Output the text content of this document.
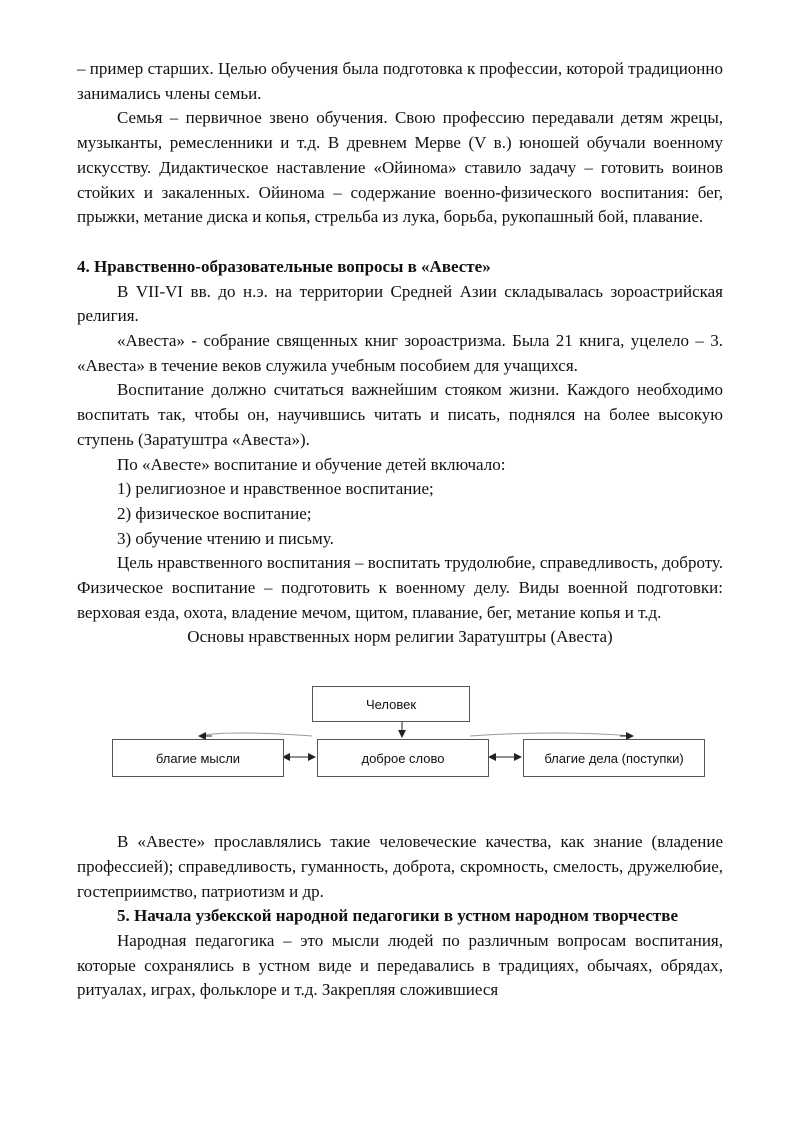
– пример старших. Целью обучения была подготовка к профессии, которой традиционно занимались члены семьи.

Семья – первичное звено обучения. Свою профессию передавали детям жрецы, музыканты, ремесленники и т.д. В древнем Мерве (V в.) юношей обучали военному искусству. Дидактическое наставление «Ойинома» ставило задачу – готовить воинов стойких и закаленных. Ойинома – содержание военно-физического воспитания: бег, прыжки, метание диска и копья, стрельба из лука, борьба, рукопашный бой, плавание.

4. Нравственно-образовательные вопросы в «Авесте»

В VII-VI вв. до н.э. на территории Средней Азии складывалась зороастрийская религия.

«Авеста» - собрание священных книг зороастризма. Была 21 книга, уцелело – 3. «Авеста» в течение веков служила учебным пособием для учащихся.

Воспитание должно считаться важнейшим стояком жизни. Каждого необходимо воспитать так, чтобы он, научившись читать и писать, поднялся на более высокую ступень (Заратуштра «Авеста»).

По «Авесте» воспитание и обучение детей включало:

1) религиозное и нравственное воспитание;

2) физическое воспитание;

3) обучение чтению и письму.

Цель нравственного воспитания – воспитать трудолюбие, справедливость, доброту. Физическое воспитание – подготовить к военному делу. Виды военной подготовки: верховая езда, охота, владение мечом, щитом, плавание, бег, метание копья и т.д.

Основы нравственных норм религии Заратуштры (Авеста)

Человек
благие мысли	доброе слово	благие дела (поступки)

В «Авесте» прославлялись такие человеческие качества, как знание (владение профессией); справедливость, гуманность, доброта, скромность, смелость, дружелюбие, гостеприимство, патриотизм и др.

5. Начала узбекской народной педагогики в устном народном творчестве

Народная педагогика – это мысли людей по различным вопросам воспитания, которые сохранялись в устном виде и передавались в традициях, обычаях, обрядах, ритуалах, играх, фольклоре и т.д. Закрепляя сложившиеся
